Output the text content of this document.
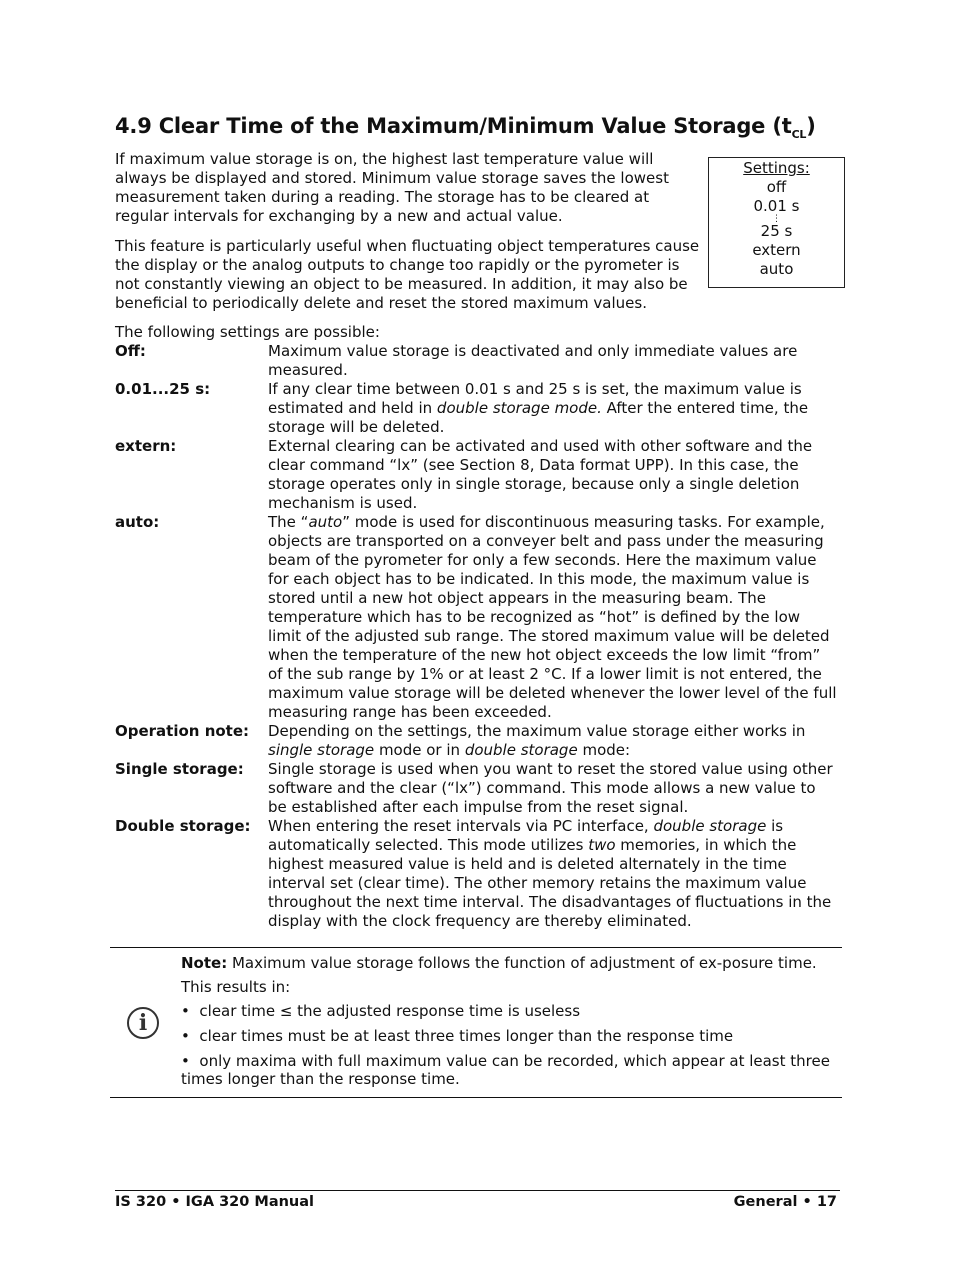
4.9 Clear Time of the Maximum/Minimum Value Storage $(t_{CL})$

If maximum value storage is on, the highest last temperature value will always be displayed and stored. Minimum value storage saves the lowest measurement taken during a reading. The storage has to be cleared at regular intervals for exchanging by a new and actual value.

This feature is particularly useful when fluctuating object temperatures cause the display or the analog outputs to change too rapidly or the pyrometer is not constantly viewing an object to be measured. In addition, it may also be beneficial to periodically delete and reset the stored maximum values.

Settings:
off
0.01 s
⋮
25 s
extern
auto
The following settings are possible:
Off:	Maximum value storage is deactivated and only immediate values are measured.
0.01...25 s:	If any clear time between 0.01 s and 25 s is set, the maximum value is estimated and held in double storage mode. After the entered time, the storage will be deleted.
extern:	External clearing can be activated and used with other software and the clear command “lx” (see Section 8, Data format UPP). In this case, the storage operates only in single storage, because only a single deletion mechanism is used.
auto:	The “auto” mode is used for discontinuous measuring tasks. For example, objects are transported on a conveyer belt and pass under the measuring beam of the pyrometer for only a few seconds. Here the maximum value for each object has to be indicated. In this mode, the maximum value is stored until a new hot object appears in the measuring beam. The temperature which has to be recognized as “hot” is defined by the low limit of the adjusted sub range. The stored maximum value will be deleted when the temperature of the new hot object exceeds the low limit “from” of the sub range by 1% or at least 2 °C. If a lower limit is not entered, the maximum value storage will be deleted whenever the lower level of the full measuring range has been exceeded.
Operation note:	Depending on the settings, the maximum value storage either works in single storage mode or in double storage mode:
Single storage:	Single storage is used when you want to reset the stored value using other software and the clear (“lx”) command. This mode allows a new value to be established after each impulse from the reset signal.
Double storage:	When entering the reset intervals via PC interface, double storage is automatically selected. This mode utilizes two memories, in which the highest measured value is held and is deleted alternately in the time interval set (clear time). The other memory retains the maximum value throughout the next time interval. The disadvantages of fluctuations in the display with the clock frequency are thereby eliminated.
i

Note: Maximum value storage follows the function of adjustment of ex-posure time.

This results in:

• clear time ≤ the adjusted response time is useless

• clear times must be at least three times longer than the response time

• only maxima with full maximum value can be recorded, which appear at least three times longer than the response time.

IS 320 • IGA 320 Manual	General • 17
